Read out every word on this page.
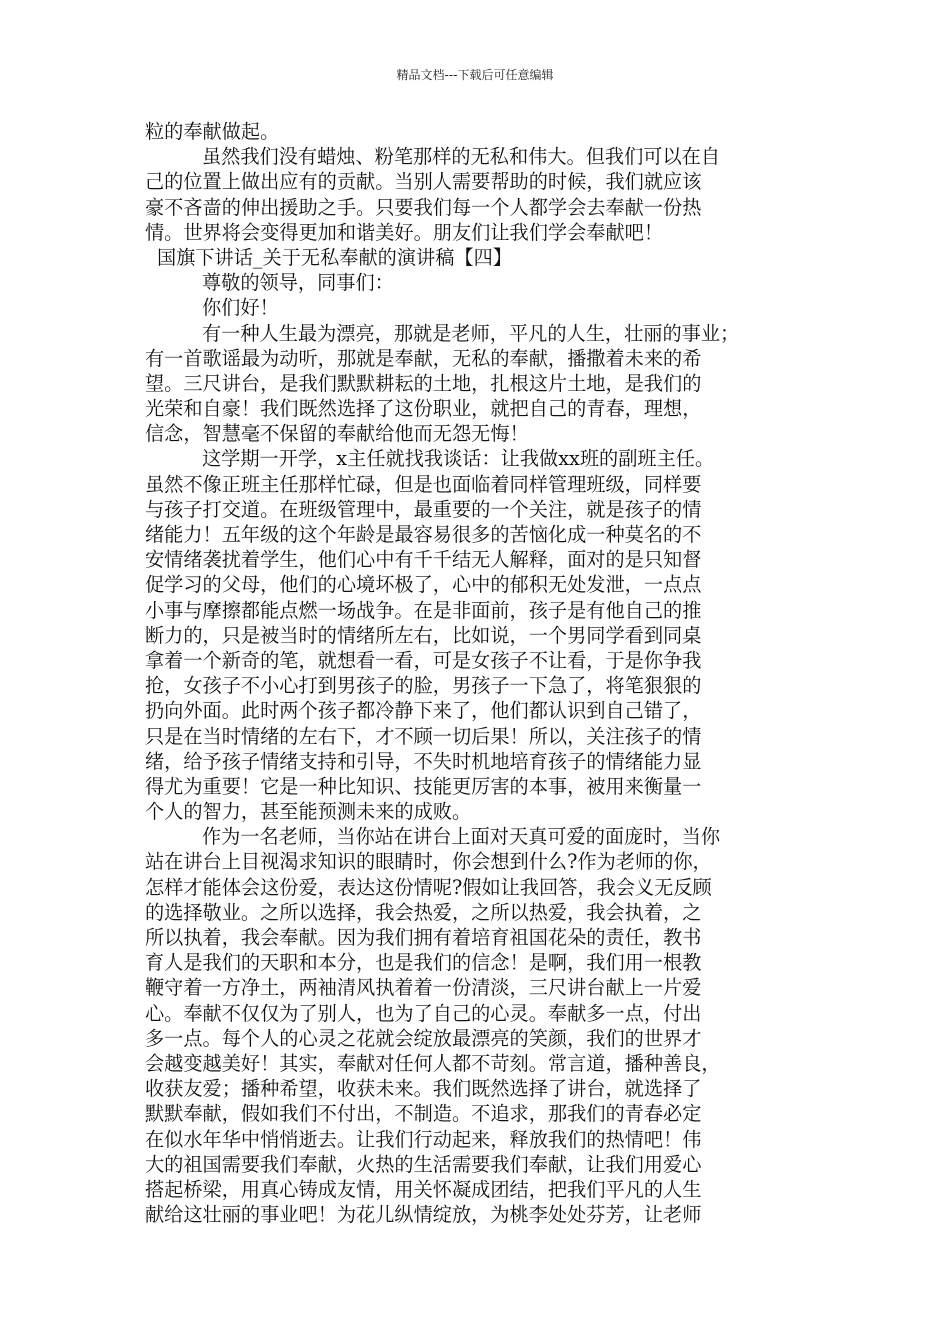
精品文档---下载后可任意编辑
粒的奉献做起。
虽然我们没有蜡烛、粉笔那样的无私和伟大。但我们可以在自
己的位置上做出应有的贡献。当别人需要帮助的时候，我们就应该
豪不吝啬的伸出援助之手。只要我们每一个人都学会去奉献一份热
情。世界将会变得更加和谐美好。朋友们让我们学会奉献吧！
国旗下讲话_关于无私奉献的演讲稿【四】
尊敬的领导，同事们：
你们好！
有一种人生最为漂亮，那就是老师，平凡的人生，壮丽的事业；
有一首歌谣最为动听，那就是奉献，无私的奉献，播撒着未来的希
望。三尺讲台，是我们默默耕耘的土地，扎根这片土地，是我们的
光荣和自豪！我们既然选择了这份职业，就把自己的青春，理想，
信念，智慧毫不保留的奉献给他而无怨无悔！
这学期一开学，x主任就找我谈话：让我做xx班的副班主任。
虽然不像正班主任那样忙碌，但是也面临着同样管理班级，同样要
与孩子打交道。在班级管理中，最重要的一个关注，就是孩子的情
绪能力！五年级的这个年龄是最容易很多的苦恼化成一种莫名的不
安情绪袭扰着学生，他们心中有千千结无人解释，面对的是只知督
促学习的父母，他们的心境坏极了，心中的郁积无处发泄，一点点
小事与摩擦都能点燃一场战争。在是非面前，孩子是有他自己的推
断力的，只是被当时的情绪所左右，比如说，一个男同学看到同桌
拿着一个新奇的笔，就想看一看，可是女孩子不让看，于是你争我
抢，女孩子不小心打到男孩子的脸，男孩子一下急了，将笔狠狠的
扔向外面。此时两个孩子都冷静下来了，他们都认识到自己错了，
只是在当时情绪的左右下，才不顾一切后果！所以，关注孩子的情
绪，给予孩子情绪支持和引导，不失时机地培育孩子的情绪能力显
得尤为重要！它是一种比知识、技能更厉害的本事，被用来衡量一
个人的智力，甚至能预测未来的成败。
作为一名老师，当你站在讲台上面对天真可爱的面庞时，当你
站在讲台上目视渴求知识的眼睛时，你会想到什么?作为老师的你，
怎样才能体会这份爱，表达这份情呢?假如让我回答，我会义无反顾
的选择敬业。之所以选择，我会热爱，之所以热爱，我会执着，之
所以执着，我会奉献。因为我们拥有着培育祖国花朵的责任，教书
育人是我们的天职和本分，也是我们的信念！是啊，我们用一根教
鞭守着一方净土，两袖清风执着着一份清淡，三尺讲台献上一片爱
心。奉献不仅仅为了别人，也为了自己的心灵。奉献多一点，付出
多一点。每个人的心灵之花就会绽放最漂亮的笑颜，我们的世界才
会越变越美好！其实，奉献对任何人都不苛刻。常言道，播种善良，
收获友爱；播种希望，收获未来。我们既然选择了讲台，就选择了
默默奉献，假如我们不付出，不制造。不追求，那我们的青春必定
在似水年华中悄悄逝去。让我们行动起来，释放我们的热情吧！伟
大的祖国需要我们奉献，火热的生活需要我们奉献，让我们用爱心
搭起桥梁，用真心铸成友情，用关怀凝成团结，把我们平凡的人生
献给这壮丽的事业吧！为花儿纵情绽放，为桃李处处芬芳，让老师
